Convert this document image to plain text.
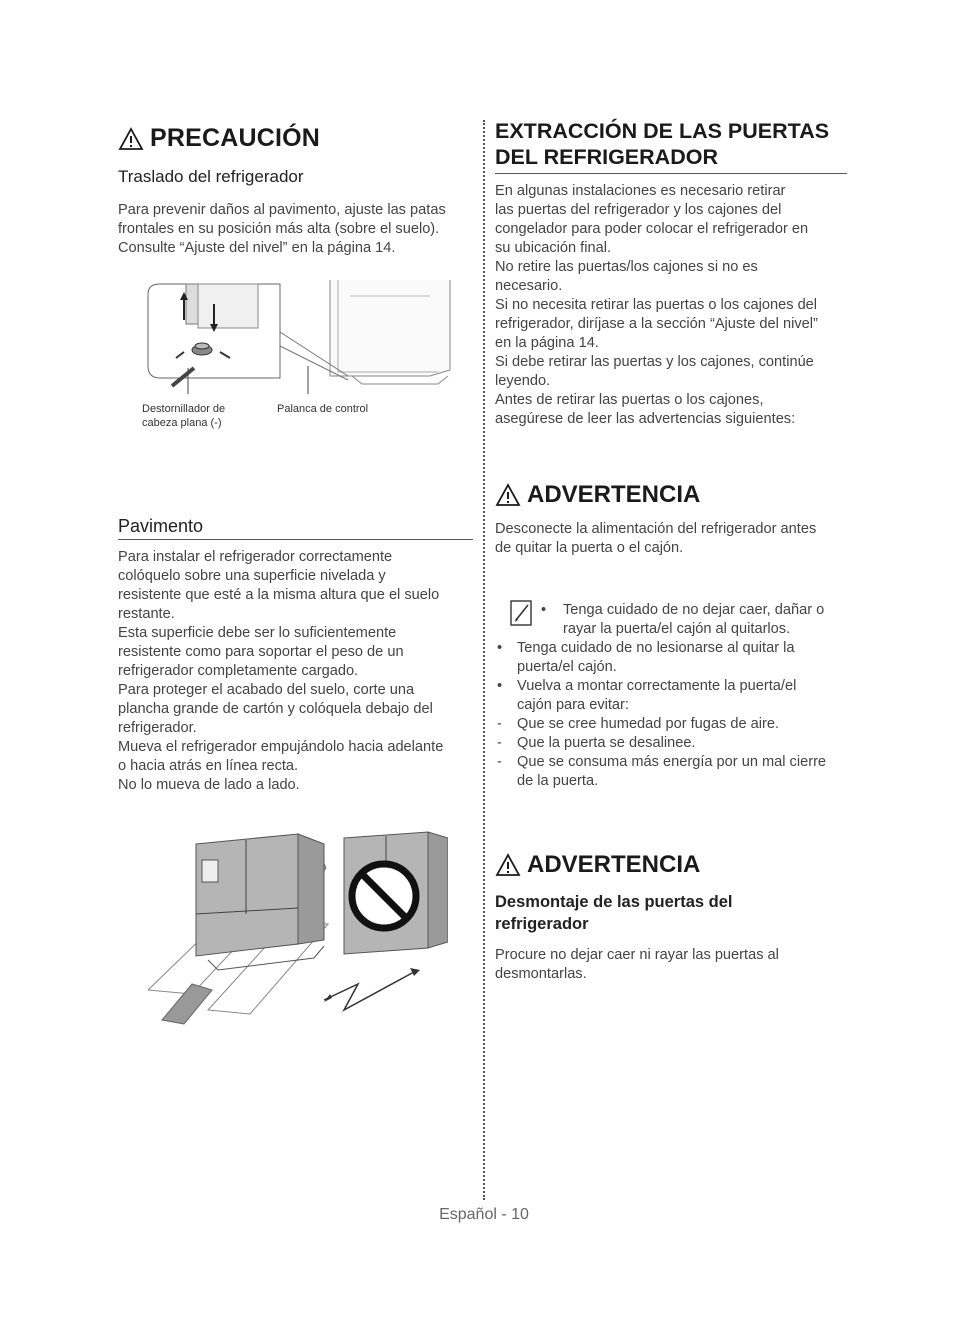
PRECAUCIÓN
Traslado del refrigerador

Para prevenir daños al pavimento, ajuste las patas
frontales en su posición más alta (sobre el suelo).
Consulte “Ajuste del nivel” en la página 14.

Destornillador de
cabeza plana (-)
Palanca de control
Pavimento

Para instalar el refrigerador correctamente
colóquelo sobre una superficie nivelada y
resistente que esté a la misma altura que el suelo
restante.
Esta superficie debe ser lo suficientemente
resistente como para soportar el peso de un
refrigerador completamente cargado.
Para proteger el acabado del suelo, corte una
plancha grande de cartón y colóquela debajo del
refrigerador.
Mueva el refrigerador empujándolo hacia adelante
o hacia atrás en línea recta.
No lo mueva de lado a lado.

EXTRACCIÓN DE LAS PUERTAS DEL REFRIGERADOR

En algunas instalaciones es necesario retirar
las puertas del refrigerador y los cajones del
congelador para poder colocar el refrigerador en
su ubicación final.
No retire las puertas/los cajones si no es
necesario.
Si no necesita retirar las puertas o los cajones del
refrigerador, diríjase a la sección “Ajuste del nivel”
en la página 14.
Si debe retirar las puertas y los cajones, continúe
leyendo.
Antes de retirar las puertas o los cajones,
asegúrese de leer las advertencias siguientes:

ADVERTENCIA

Desconecte la alimentación del refrigerador antes
de quitar la puerta o el cajón.

• Tenga cuidado de no dejar caer, dañar o
rayar la puerta/el cajón al quitarlos.
• Tenga cuidado de no lesionarse al quitar la
puerta/el cajón.
• Vuelva a montar correctamente la puerta/el
cajón para evitar:
- Que se cree humedad por fugas de aire.
- Que la puerta se desalinee.
- Que se consuma más energía por un mal cierre
de la puerta.
ADVERTENCIA
Desmontaje de las puertas del
refrigerador

Procure no dejar caer ni rayar las puertas al
desmontarlas.

Español - 10
